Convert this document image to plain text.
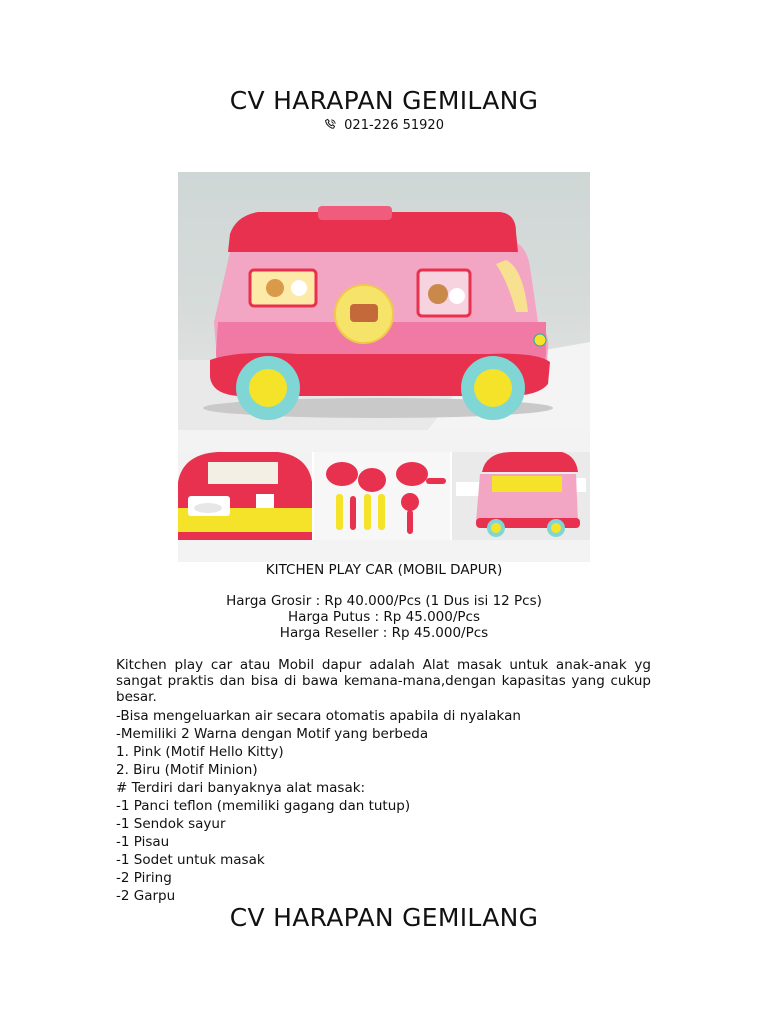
CV HARAPAN GEMILANG
021-226 51920
KITCHEN PLAY CAR (MOBIL DAPUR)
Harga Grosir : Rp 40.000/Pcs (1 Dus isi 12 Pcs)
Harga Putus : Rp 45.000/Pcs
Harga Reseller : Rp 45.000/Pcs
Kitchen play car atau Mobil dapur adalah Alat masak untuk anak-anak yg sangat praktis dan bisa di bawa kemana-mana,dengan kapasitas yang cukup besar.
-Bisa mengeluarkan air secara otomatis apabila di nyalakan
-Memiliki 2 Warna dengan Motif yang berbeda
1. Pink (Motif Hello Kitty)
2. Biru (Motif Minion)
# Terdiri dari banyaknya alat masak:
-1 Panci teflon (memiliki gagang dan tutup)
-1 Sendok sayur
-1 Pisau
-1 Sodet untuk masak
-2 Piring
-2 Garpu
CV HARAPAN GEMILANG
